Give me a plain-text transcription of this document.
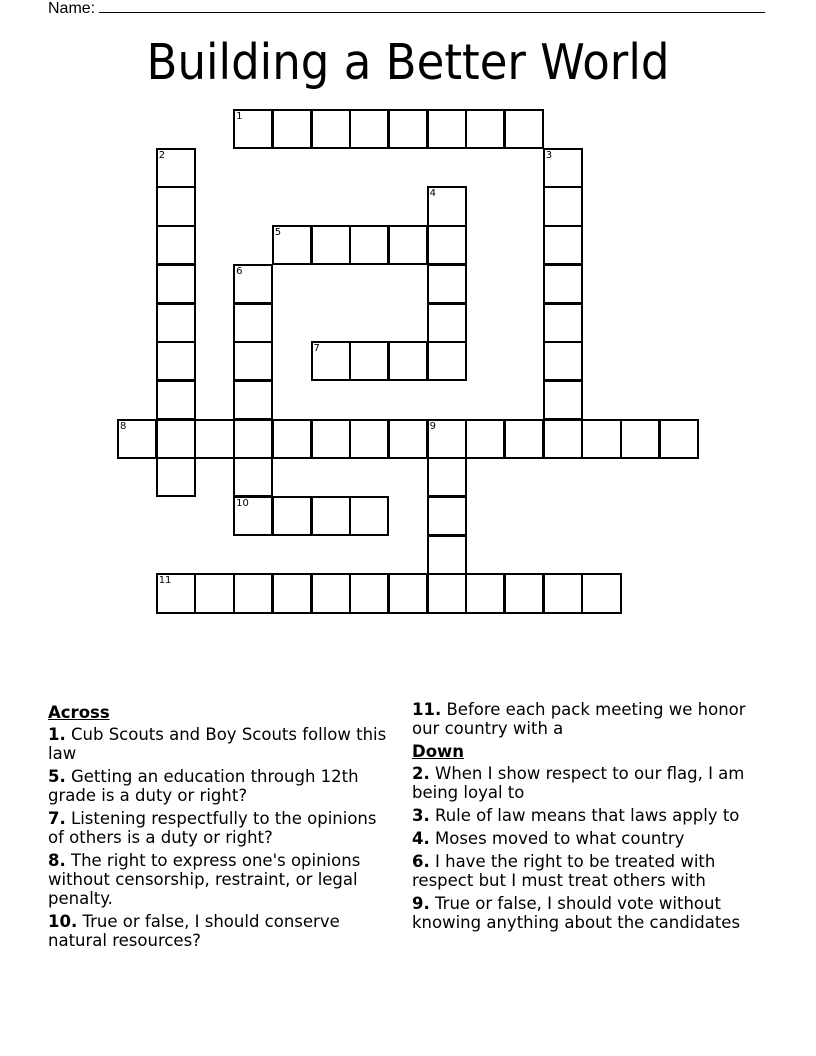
Name:
Building a Better World
1
2	3
4
5
6
10
7
8	9
11
Across
1. Cub Scouts and Boy Scouts follow this law
5. Getting an education through 12th grade is a duty or right?
7. Listening respectfully to the opinions of others is a duty or right?
8. The right to express one's opinions without censorship, restraint, or legal penalty.
10. True or false, I should conserve natural resources?
11. Before each pack meeting we honor our country with a
Down
2. When I show respect to our flag, I am being loyal to
3. Rule of law means that laws apply to
4. Moses moved to what country
6. I have the right to be treated with respect but I must treat others with
9. True or false, I should vote without knowing anything about the candidates
